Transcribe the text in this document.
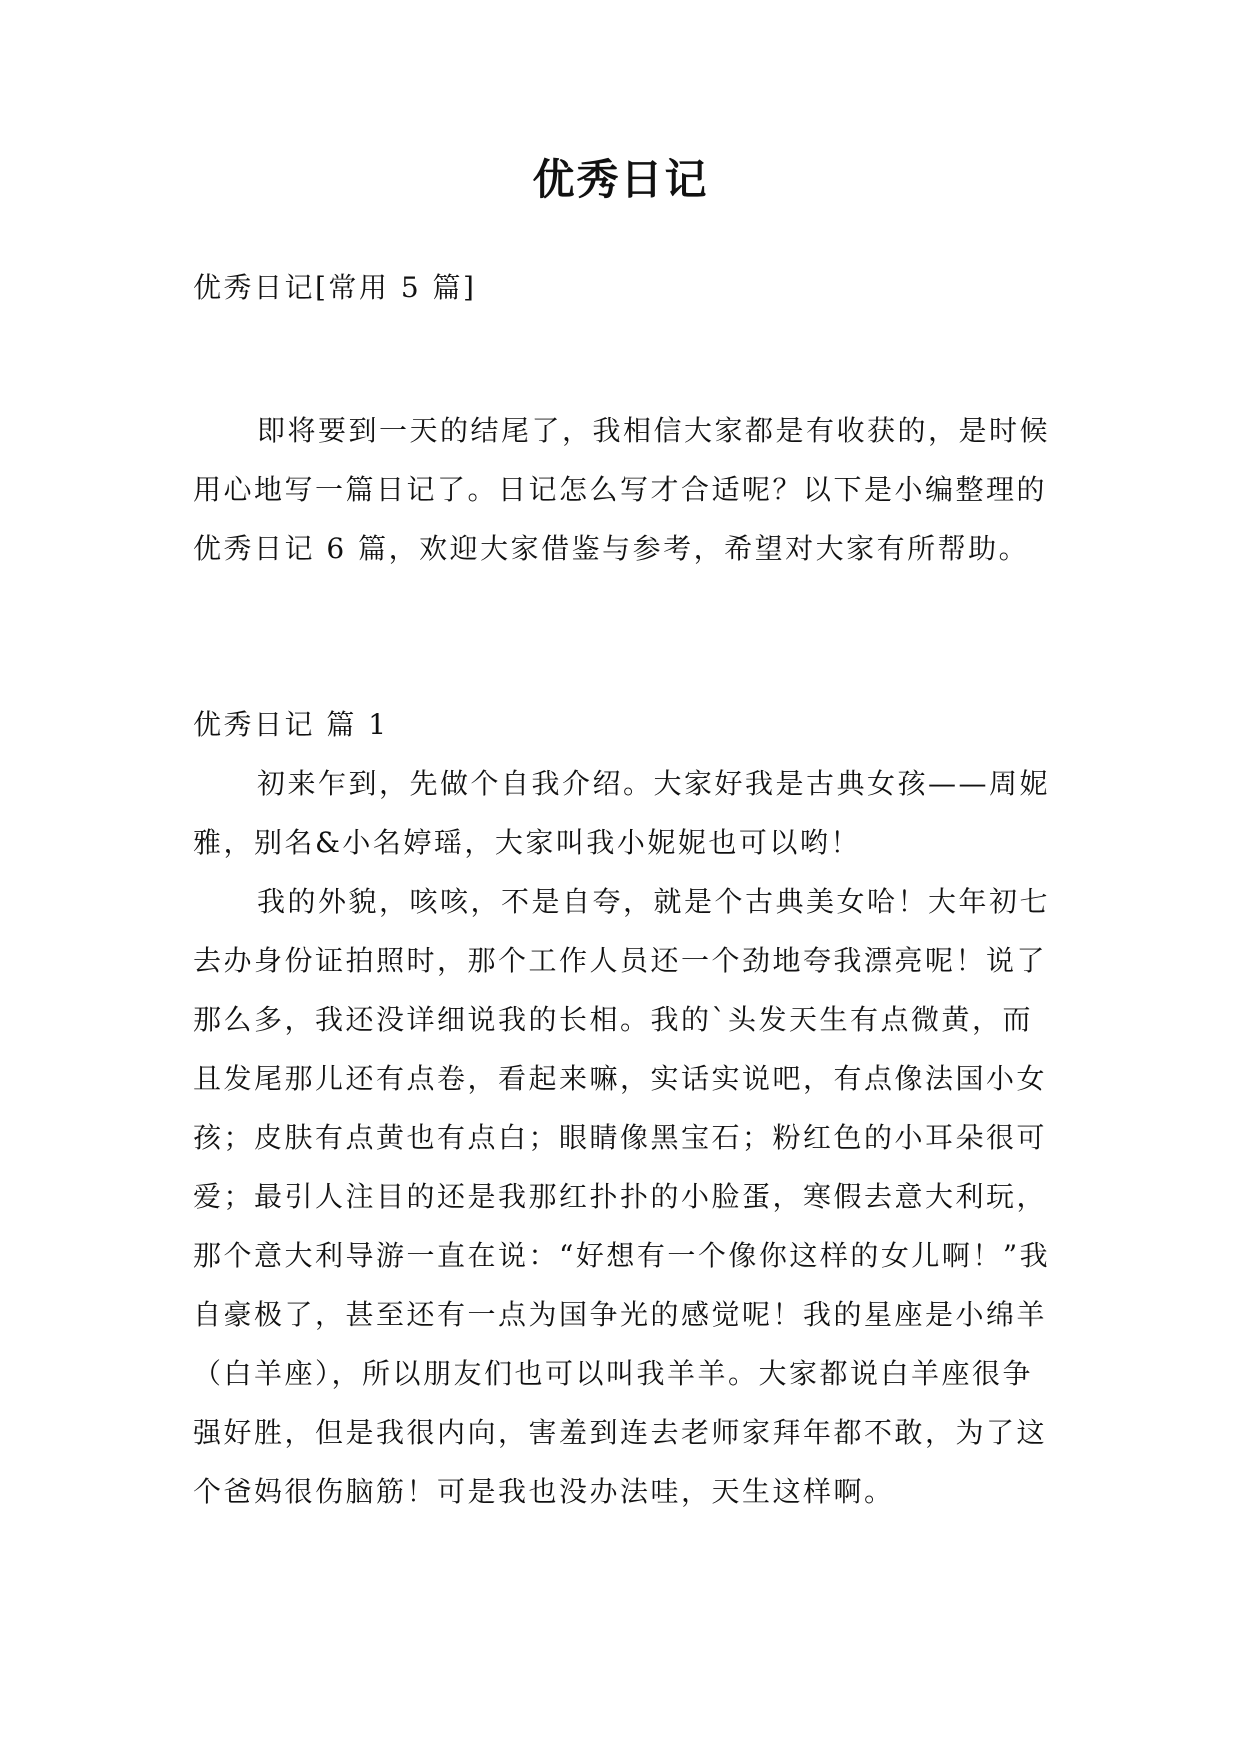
优秀日记
优秀日记[常用 5 篇]
即将要到一天的结尾了，我相信大家都是有收获的，是时候用心地写一篇日记了。日记怎么写才合适呢？以下是小编整理的优秀日记 6 篇，欢迎大家借鉴与参考，希望对大家有所帮助。
优秀日记 篇 1
初来乍到，先做个自我介绍。大家好我是古典女孩——周妮雅，别名&小名婷瑶，大家叫我小妮妮也可以哟！
我的外貌，咳咳，不是自夸，就是个古典美女哈！大年初七去办身份证拍照时，那个工作人员还一个劲地夸我漂亮呢！说了那么多，我还没详细说我的长相。我的`头发天生有点微黄，而且发尾那儿还有点卷，看起来嘛，实话实说吧，有点像法国小女孩；皮肤有点黄也有点白；眼睛像黑宝石；粉红色的小耳朵很可爱；最引人注目的还是我那红扑扑的小脸蛋，寒假去意大利玩，那个意大利导游一直在说：“好想有一个像你这样的女儿啊！”我自豪极了，甚至还有一点为国争光的感觉呢！我的星座是小绵羊（白羊座），所以朋友们也可以叫我羊羊。大家都说白羊座很争强好胜，但是我很内向，害羞到连去老师家拜年都不敢，为了这个爸妈很伤脑筋！可是我也没办法哇，天生这样啊。
